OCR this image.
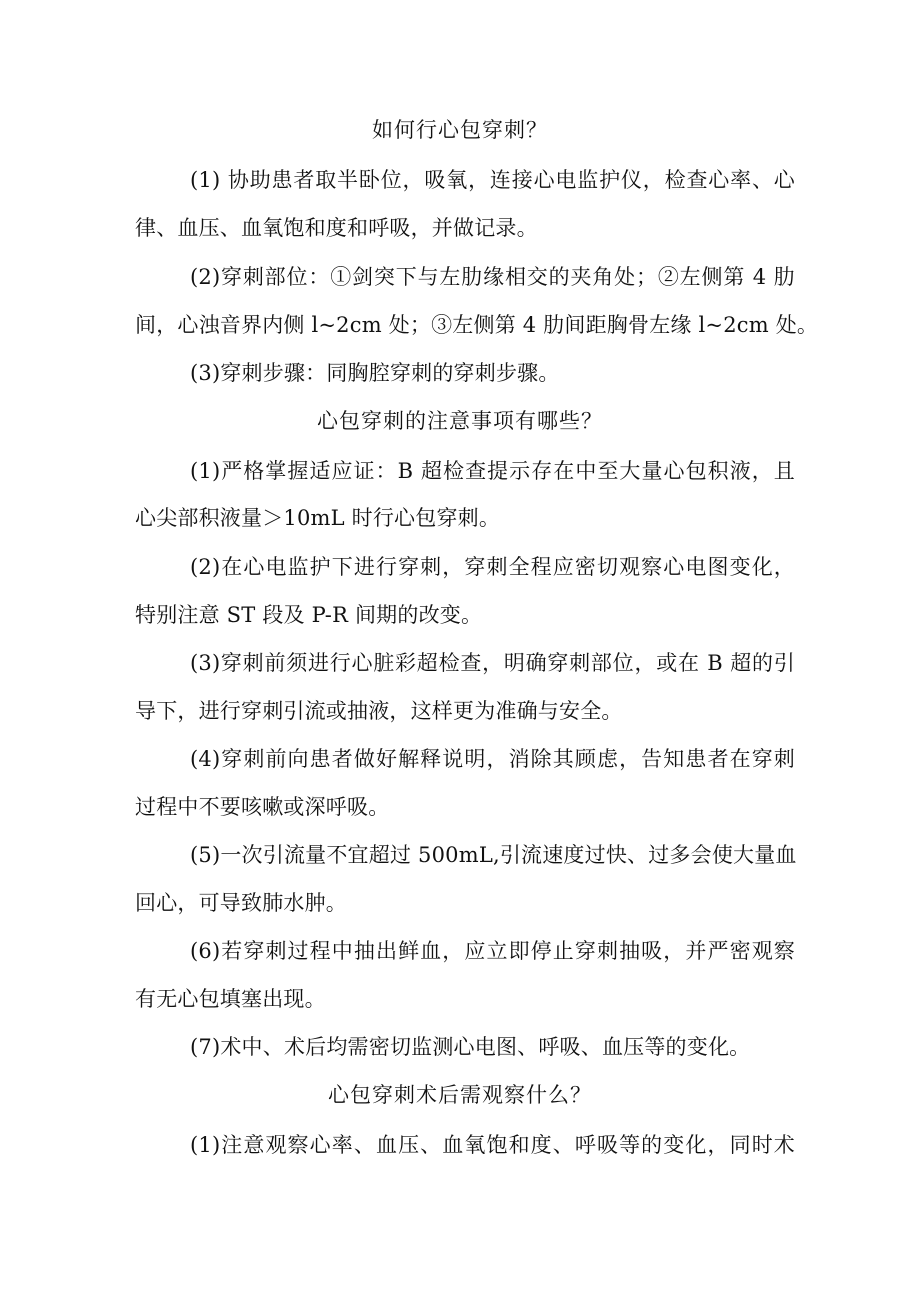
如何行心包穿刺？
(1) 协助患者取半卧位，吸氧，连接心电监护仪，检查心率、心
律、血压、血氧饱和度和呼吸，并做记录。
(2)穿刺部位：①剑突下与左肋缘相交的夹角处；②左侧第 4 肋
间，心浊音界内侧 l~2cm 处；③左侧第 4 肋间距胸骨左缘 l~2cm 处。
(3)穿刺步骤：同胸腔穿刺的穿刺步骤。
心包穿刺的注意事项有哪些？
(1)严格掌握适应证：B 超检查提示存在中至大量心包积液，且
心尖部积液量＞10mL 时行心包穿刺。
(2)在心电监护下进行穿刺，穿刺全程应密切观察心电图变化，
特别注意 ST 段及 P-R 间期的改变。
(3)穿刺前须进行心脏彩超检查，明确穿刺部位，或在 B 超的引
导下，进行穿刺引流或抽液，这样更为准确与安全。
(4)穿刺前向患者做好解释说明，消除其顾虑，告知患者在穿刺
过程中不要咳嗽或深呼吸。
(5)一次引流量不宜超过 500mL,引流速度过快、过多会使大量血
回心，可导致肺水肿。
(6)若穿刺过程中抽出鲜血，应立即停止穿刺抽吸，并严密观察
有无心包填塞出现。
(7)术中、术后均需密切监测心电图、呼吸、血压等的变化。
心包穿刺术后需观察什么？
(1)注意观察心率、血压、血氧饱和度、呼吸等的变化，同时术
